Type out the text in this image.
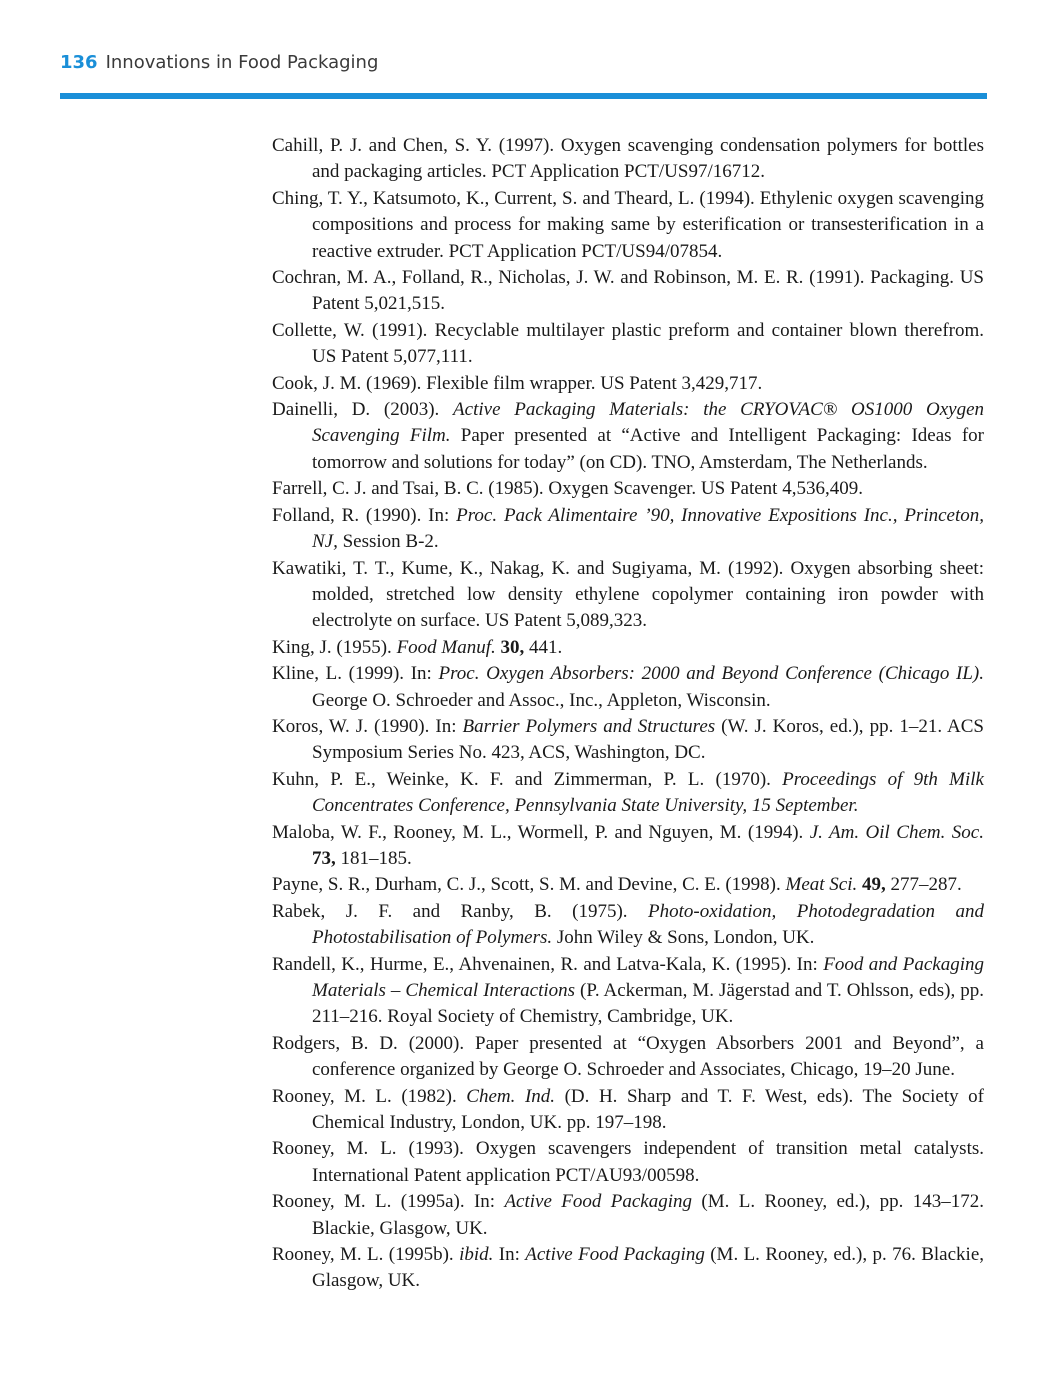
136 Innovations in Food Packaging

Cahill, P. J. and Chen, S. Y. (1997). Oxygen scavenging condensation polymers for bottles and packaging articles. PCT Application PCT/US97/16712.

Ching, T. Y., Katsumoto, K., Current, S. and Theard, L. (1994). Ethylenic oxygen scavenging compositions and process for making same by esterification or transesterification in a reactive extruder. PCT Application PCT/US94/07854.

Cochran, M. A., Folland, R., Nicholas, J. W. and Robinson, M. E. R. (1991). Packaging. US Patent 5,021,515.

Collette, W. (1991). Recyclable multilayer plastic preform and container blown therefrom. US Patent 5,077,111.

Cook, J. M. (1969). Flexible film wrapper. US Patent 3,429,717.

Dainelli, D. (2003). Active Packaging Materials: the CRYOVAC® OS1000 Oxygen Scavenging Film. Paper presented at “Active and Intelligent Packaging: Ideas for tomorrow and solutions for today” (on CD). TNO, Amsterdam, The Netherlands.

Farrell, C. J. and Tsai, B. C. (1985). Oxygen Scavenger. US Patent 4,536,409.

Folland, R. (1990). In: Proc. Pack Alimentaire ’90, Innovative Expositions Inc., Princeton, NJ, Session B-2.

Kawatiki, T. T., Kume, K., Nakag, K. and Sugiyama, M. (1992). Oxygen absorbing sheet: molded, stretched low density ethylene copolymer containing iron powder with electrolyte on surface. US Patent 5,089,323.

King, J. (1955). Food Manuf. 30, 441.

Kline, L. (1999). In: Proc. Oxygen Absorbers: 2000 and Beyond Conference (Chicago IL). George O. Schroeder and Assoc., Inc., Appleton, Wisconsin.

Koros, W. J. (1990). In: Barrier Polymers and Structures (W. J. Koros, ed.), pp. 1–21. ACS Symposium Series No. 423, ACS, Washington, DC.

Kuhn, P. E., Weinke, K. F. and Zimmerman, P. L. (1970). Proceedings of 9th Milk Concentrates Conference, Pennsylvania State University, 15 September.

Maloba, W. F., Rooney, M. L., Wormell, P. and Nguyen, M. (1994). J. Am. Oil Chem. Soc. 73, 181–185.

Payne, S. R., Durham, C. J., Scott, S. M. and Devine, C. E. (1998). Meat Sci. 49, 277–287.

Rabek, J. F. and Ranby, B. (1975). Photo-oxidation, Photodegradation and Photostabilisation of Polymers. John Wiley & Sons, London, UK.

Randell, K., Hurme, E., Ahvenainen, R. and Latva-Kala, K. (1995). In: Food and Packaging Materials – Chemical Interactions (P. Ackerman, M. Jägerstad and T. Ohlsson, eds), pp. 211–216. Royal Society of Chemistry, Cambridge, UK.

Rodgers, B. D. (2000). Paper presented at “Oxygen Absorbers 2001 and Beyond”, a conference organized by George O. Schroeder and Associates, Chicago, 19–20 June.

Rooney, M. L. (1982). Chem. Ind. (D. H. Sharp and T. F. West, eds). The Society of Chemical Industry, London, UK. pp. 197–198.

Rooney, M. L. (1993). Oxygen scavengers independent of transition metal catalysts. International Patent application PCT/AU93/00598.

Rooney, M. L. (1995a). In: Active Food Packaging (M. L. Rooney, ed.), pp. 143–172. Blackie, Glasgow, UK.

Rooney, M. L. (1995b). ibid. In: Active Food Packaging (M. L. Rooney, ed.), p. 76. Blackie, Glasgow, UK.
